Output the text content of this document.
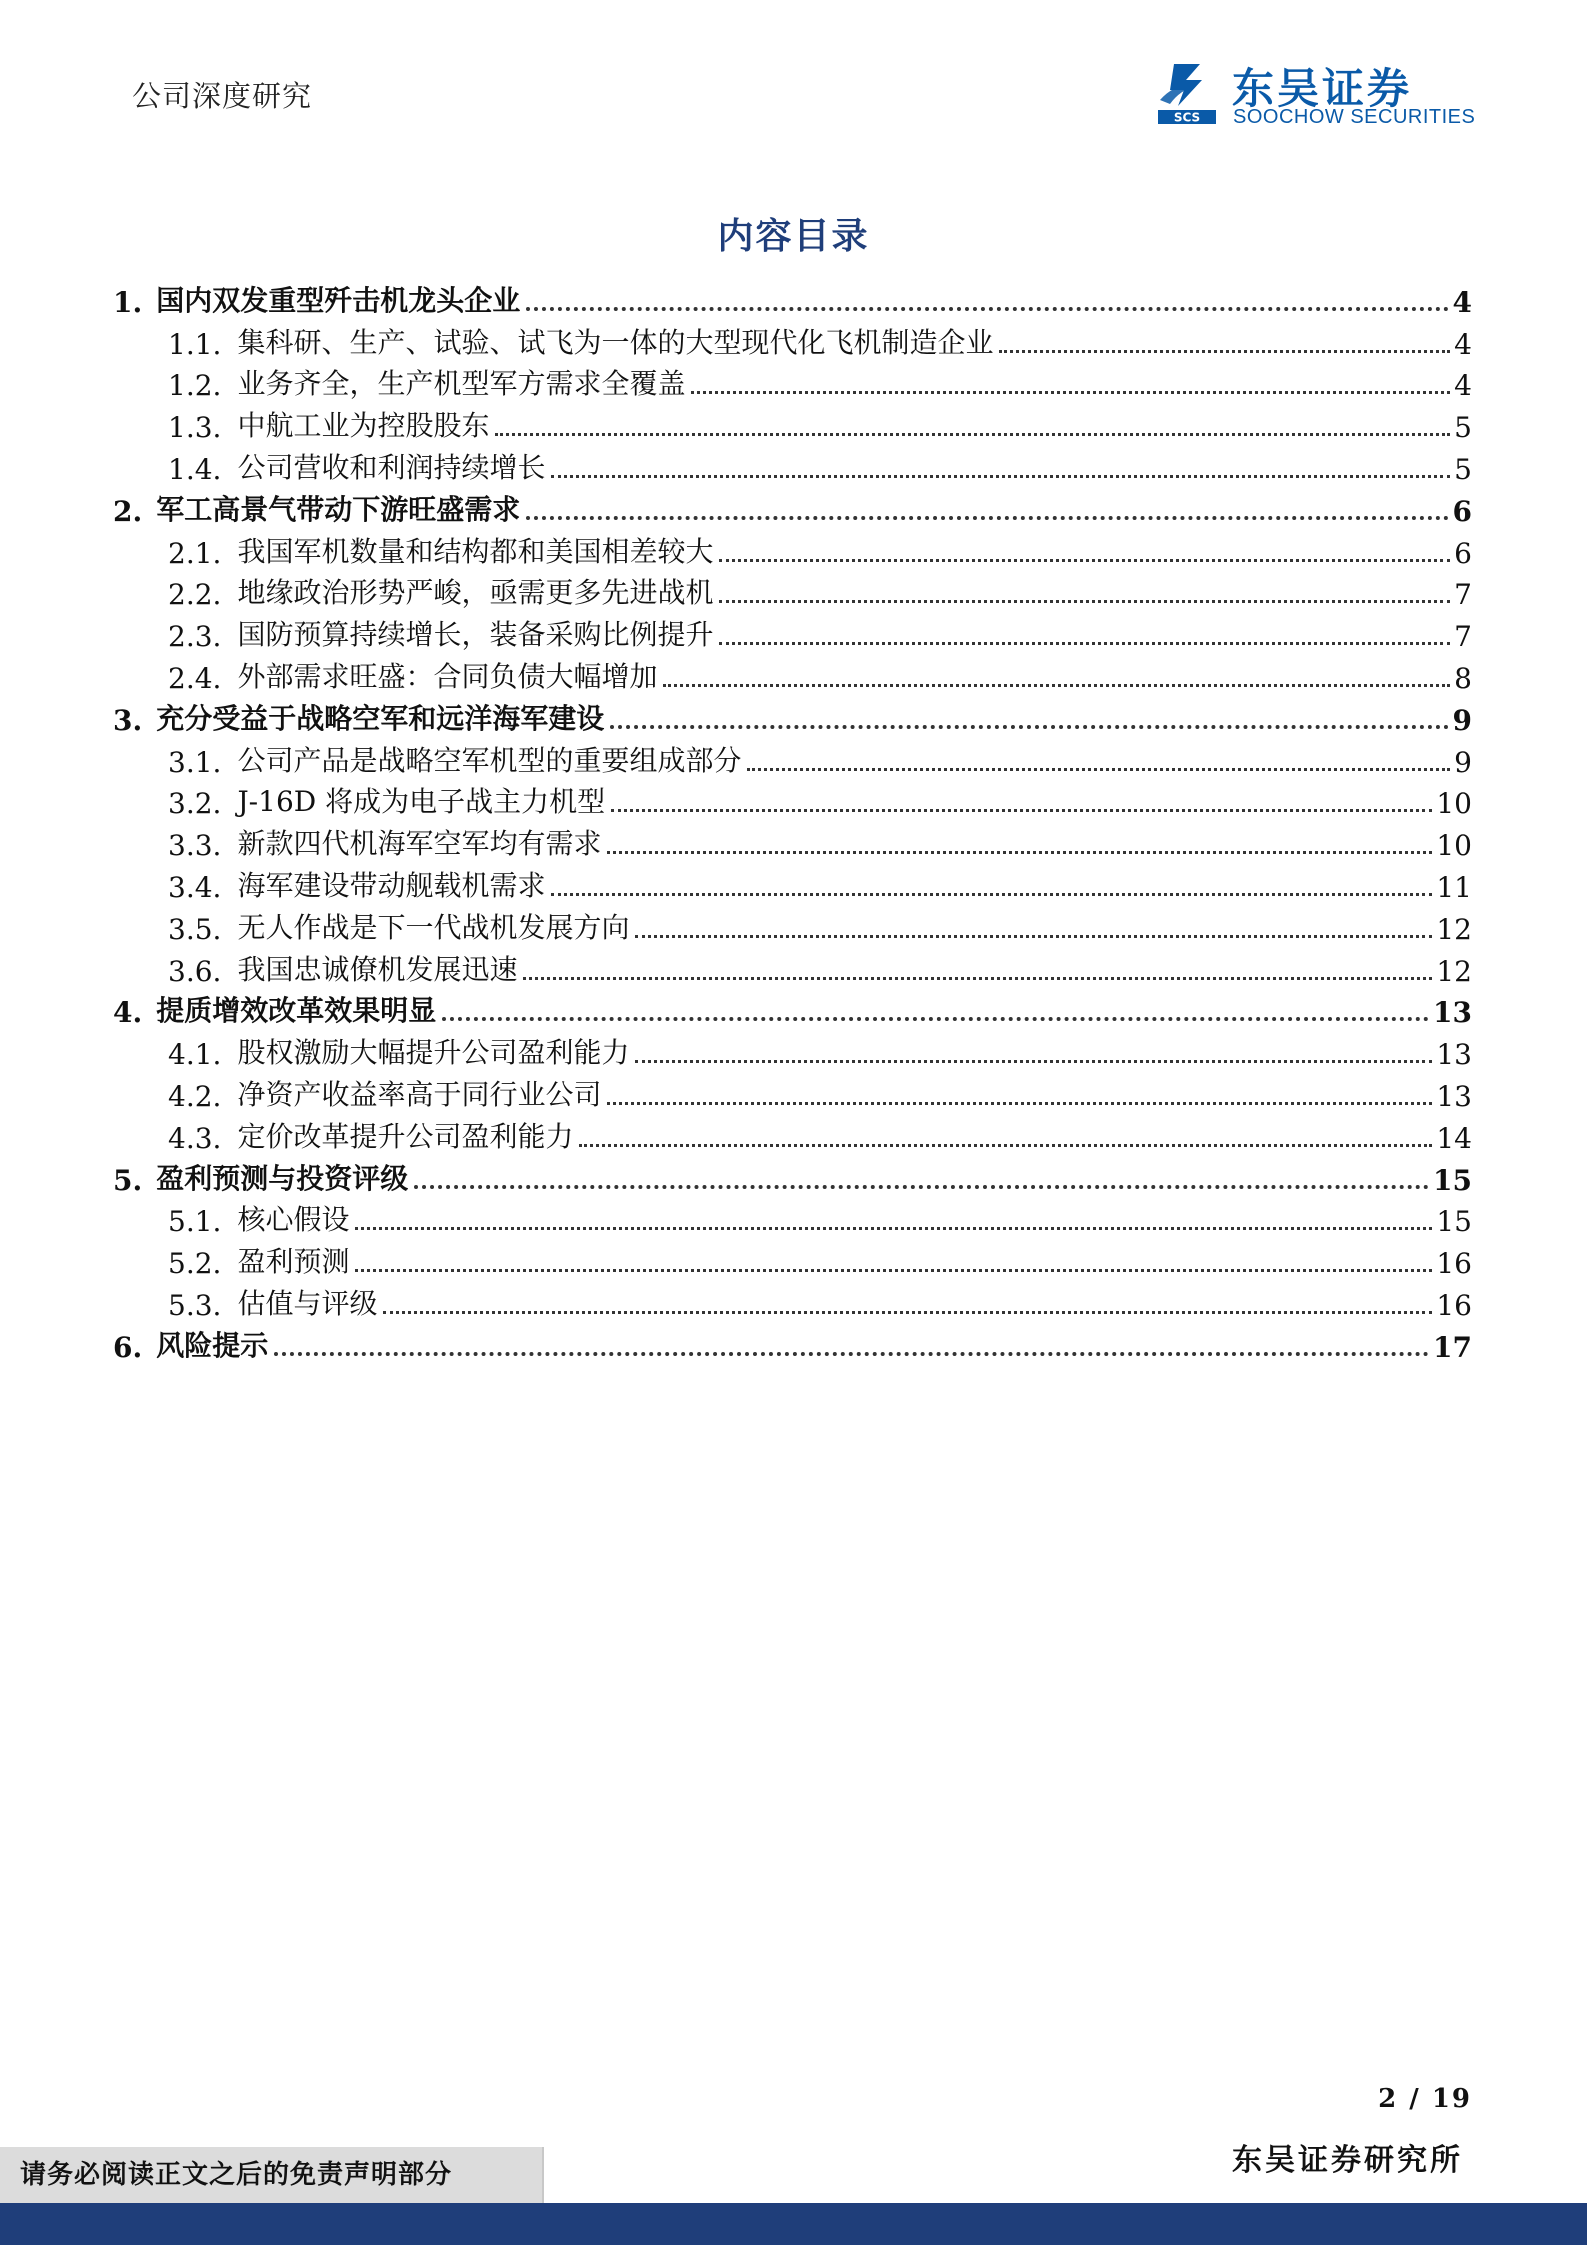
公司深度研究
SCS
东吴证券
SOOCHOW SECURITIES
内容目录
1. 国内双发重型歼击机龙头企业	4
1.1. 集科研、生产、试验、试飞为一体的大型现代化飞机制造企业	4
1.2. 业务齐全，生产机型军方需求全覆盖	4
1.3. 中航工业为控股股东	5
1.4. 公司营收和利润持续增长	5
2. 军工高景气带动下游旺盛需求	6
2.1. 我国军机数量和结构都和美国相差较大	6
2.2. 地缘政治形势严峻，亟需更多先进战机	7
2.3. 国防预算持续增长，装备采购比例提升	7
2.4. 外部需求旺盛：合同负债大幅增加	8
3. 充分受益于战略空军和远洋海军建设	9
3.1. 公司产品是战略空军机型的重要组成部分	9
3.2. J-16D 将成为电子战主力机型	10
3.3. 新款四代机海军空军均有需求	10
3.4. 海军建设带动舰载机需求	11
3.5. 无人作战是下一代战机发展方向	12
3.6. 我国忠诚僚机发展迅速	12
4. 提质增效改革效果明显	13
4.1. 股权激励大幅提升公司盈利能力	13
4.2. 净资产收益率高于同行业公司	13
4.3. 定价改革提升公司盈利能力	14
5. 盈利预测与投资评级	15
5.1. 核心假设	15
5.2. 盈利预测	16
5.3. 估值与评级	16
6. 风险提示	17
2 / 19
请务必阅读正文之后的免责声明部分	东吴证券研究所
